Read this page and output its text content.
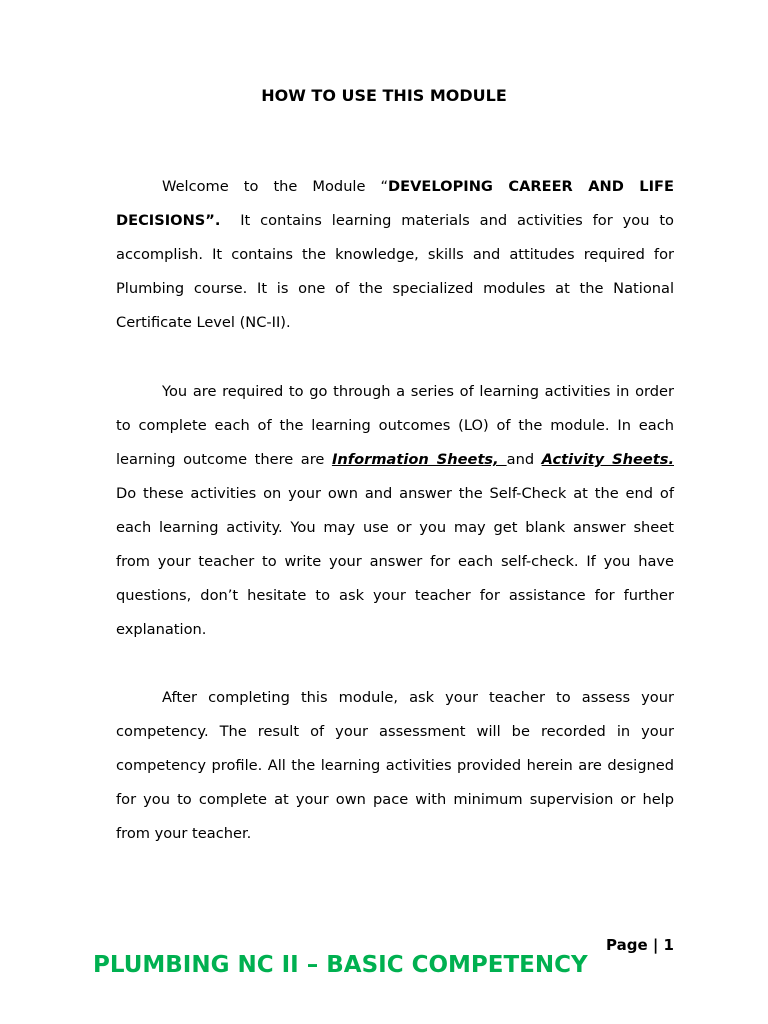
HOW TO USE THIS MODULE

Welcome to the Module “DEVELOPING CAREER AND LIFE DECISIONS”.  It contains learning materials and activities for you to accomplish. It contains the knowledge, skills and attitudes required for Plumbing course. It is one of the specialized modules at the National Certificate Level (NC-II).

You are required to go through a series of learning activities in order to complete each of the learning outcomes (LO) of the module. In each learning outcome there are Information Sheets, and Activity Sheets. Do these activities on your own and answer the Self-Check at the end of each learning activity. You may use or you may get blank answer sheet from your teacher to write your answer for each self-check. If you have questions, don’t hesitate to ask your teacher for assistance for further explanation.

After completing this module, ask your teacher to assess your competency. The result of your assessment will be recorded in your competency profile. All the learning activities provided herein are designed for you to complete at your own pace with minimum supervision or help from your teacher.

Page | 1
PLUMBING NC II – BASIC COMPETENCY
